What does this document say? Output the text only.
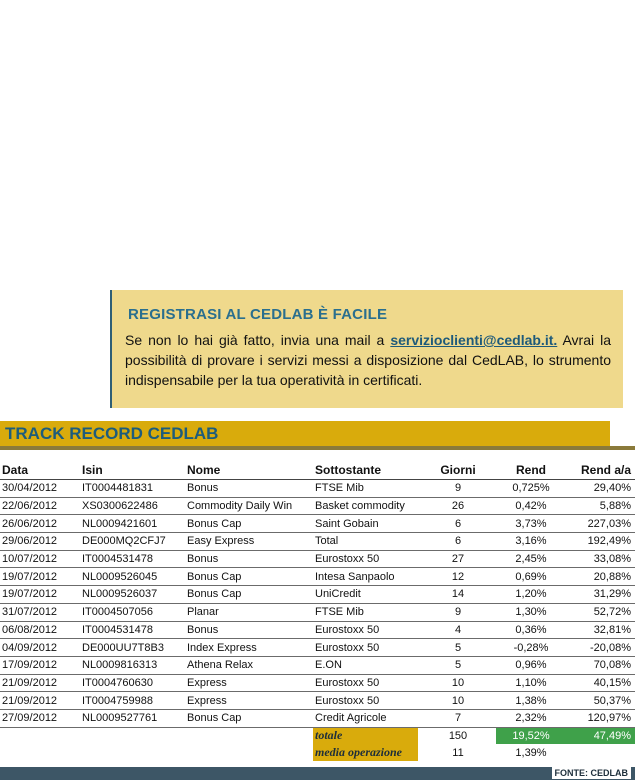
REGISTRASI AL CEDLAB È FACILE
Se non lo hai già fatto, invia una mail a servizioclienti@cedlab.it. Avrai la possibilità di provare i servizi messi a disposizione dal CedLAB, lo strumento indispensabile per la tua operatività in certificati.
TRACK RECORD CEDLAB
Data	Isin	Nome	Sottostante	Giorni	Rend	Rend a/a
30/04/2012	IT0004481831	Bonus	FTSE Mib	9	0,725%	29,40%
22/06/2012	XS0300622486	Commodity Daily Win	Basket commodity	26	0,42%	5,88%
26/06/2012	NL0009421601	Bonus Cap	Saint Gobain	6	3,73%	227,03%
29/06/2012	DE000MQ2CFJ7	Easy Express	Total	6	3,16%	192,49%
10/07/2012	IT0004531478	Bonus	Eurostoxx 50	27	2,45%	33,08%
19/07/2012	NL0009526045	Bonus Cap	Intesa Sanpaolo	12	0,69%	20,88%
19/07/2012	NL0009526037	Bonus Cap	UniCredit	14	1,20%	31,29%
31/07/2012	IT0004507056	Planar	FTSE Mib	9	1,30%	52,72%
06/08/2012	IT0004531478	Bonus	Eurostoxx 50	4	0,36%	32,81%
04/09/2012	DE000UU7T8B3	Index Express	Eurostoxx 50	5	-0,28%	-20,08%
17/09/2012	NL0009816313	Athena Relax	E.ON	5	0,96%	70,08%
21/09/2012	IT0004760630	Express	Eurostoxx 50	10	1,10%	40,15%
21/09/2012	IT0004759988	Express	Eurostoxx 50	10	1,38%	50,37%
27/09/2012	NL0009527761	Bonus Cap	Credit Agricole	7	2,32%	120,97%
			totale	150	19,52%	47,49%
			media operazione	11	1,39%	
FONTE: CEDLAB
